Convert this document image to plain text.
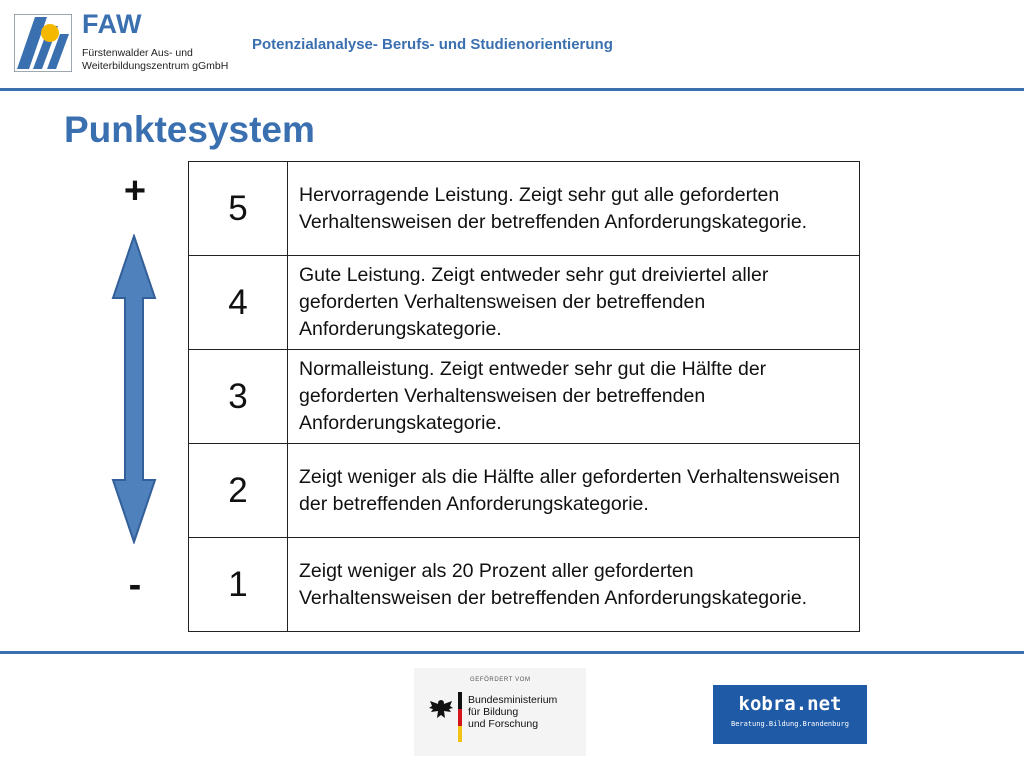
FAW
Fürstenwalder Aus- und
Weiterbildungszentrum gGmbH
Potenzialanalyse- Berufs- und Studienorientierung
Punktesystem
+
-
5	Hervorragende Leistung. Zeigt sehr gut alle geforderten Verhaltensweisen der betreffenden Anforderungskategorie.
4	Gute Leistung. Zeigt entweder sehr gut dreiviertel aller geforderten Verhaltensweisen der betreffenden Anforderungskategorie.
3	Normalleistung. Zeigt entweder sehr gut die Hälfte der geforderten Verhaltensweisen der betreffenden Anforderungskategorie.
2	Zeigt weniger als die Hälfte aller geforderten Verhaltensweisen der betreffenden Anforderungskategorie.
1	Zeigt weniger als 20 Prozent aller geforderten Verhaltensweisen der betreffenden Anforderungskategorie.
GEFÖRDERT VOM

Bundesministerium
für Bildung
und Forschung

kobra.net
Beratung.Bildung.Brandenburg
